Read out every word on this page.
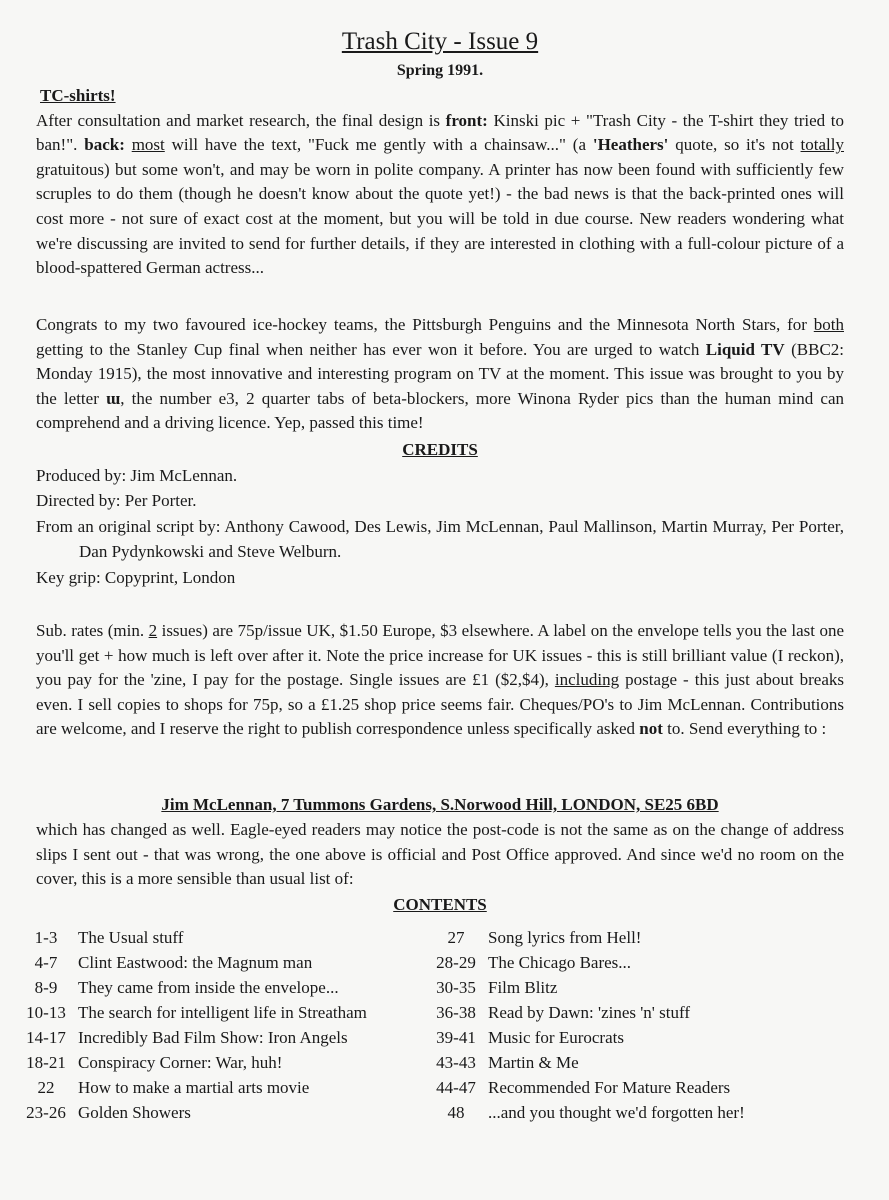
Trash City - Issue 9
Spring 1991.
TC-shirts!
After consultation and market research, the final design is front: Kinski pic + "Trash City - the T-shirt they tried to ban!". back: most will have the text, "Fuck me gently with a chainsaw..." (a 'Heathers' quote, so it's not totally gratuitous) but some won't, and may be worn in polite company. A printer has now been found with sufficiently few scruples to do them (though he doesn't know about the quote yet!) - the bad news is that the back-printed ones will cost more - not sure of exact cost at the moment, but you will be told in due course. New readers wondering what we're discussing are invited to send for further details, if they are interested in clothing with a full-colour picture of a blood-spattered German actress...
Congrats to my two favoured ice-hockey teams, the Pittsburgh Penguins and the Minnesota North Stars, for both getting to the Stanley Cup final when neither has ever won it before. You are urged to watch Liquid TV (BBC2: Monday 1915), the most innovative and interesting program on TV at the moment. This issue was brought to you by the letter ɯ, the number e3, 2 quarter tabs of beta-blockers, more Winona Ryder pics than the human mind can comprehend and a driving licence. Yep, passed this time!
CREDITS
Produced by: Jim McLennan.
Directed by: Per Porter.
From an original script by: Anthony Cawood, Des Lewis, Jim McLennan, Paul Mallinson, Martin Murray, Per Porter, Dan Pydynkowski and Steve Welburn.
Key grip: Copyprint, London
Sub. rates (min. 2 issues) are 75p/issue UK, $1.50 Europe, $3 elsewhere. A label on the envelope tells you the last one you'll get + how much is left over after it. Note the price increase for UK issues - this is still brilliant value (I reckon), you pay for the 'zine, I pay for the postage. Single issues are £1 ($2,$4), including postage - this just about breaks even. I sell copies to shops for 75p, so a £1.25 shop price seems fair. Cheques/PO's to Jim McLennan. Contributions are welcome, and I reserve the right to publish correspondence unless specifically asked not to. Send everything to :
Jim McLennan, 7 Tummons Gardens, S.Norwood Hill, LONDON, SE25 6BD
which has changed as well. Eagle-eyed readers may notice the post-code is not the same as on the change of address slips I sent out - that was wrong, the one above is official and Post Office approved. And since we'd no room on the cover, this is a more sensible than usual list of:
CONTENTS
1-3 The Usual stuff
4-7 Clint Eastwood: the Magnum man
8-9 They came from inside the envelope...
10-13 The search for intelligent life in Streatham
14-17 Incredibly Bad Film Show: Iron Angels
18-21 Conspiracy Corner: War, huh!
22 How to make a martial arts movie
23-26 Golden Showers
27 Song lyrics from Hell!
28-29 The Chicago Bares...
30-35 Film Blitz
36-38 Read by Dawn: 'zines 'n' stuff
39-41 Music for Eurocrats
43-43 Martin & Me
44-47 Recommended For Mature Readers
48 ...and you thought we'd forgotten her!
